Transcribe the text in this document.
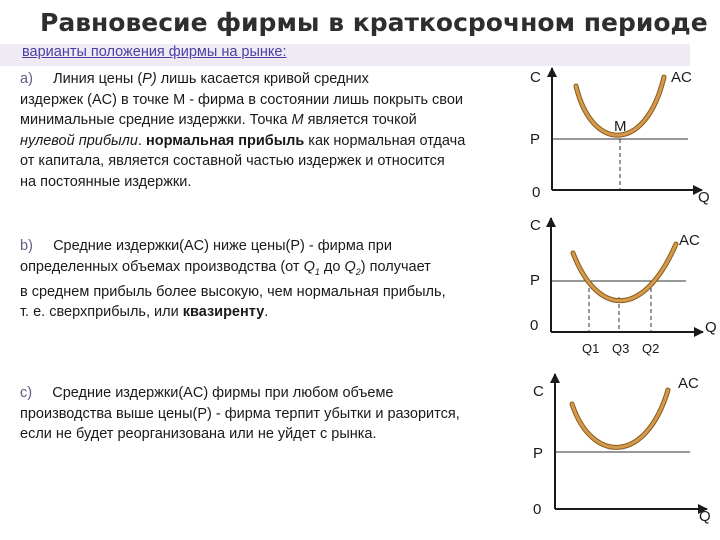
Равновесие фирмы в краткосрочном периоде
варианты положения фирмы на рынке:
a) Линия цены (P) лишь касается кривой средних
издержек (AC) в точке М - фирма в состоянии лишь покрыть свои
минимальные средние издержки. Точка М является точкой
нулевой прибыли. нормальная прибыль как нормальная отдача
от капитала, является составной частью издержек и относится
на постоянные издержки.
b) Средние издержки(AC) ниже цены(P) - фирма при
определенных объемах производства (от $Q_1$ до $Q_2$) получает
в среднем прибыль более высокую, чем нормальная прибыль,
т. е. сверхприбыль, или квазиренту.
c) Средние издержки(AC) фирмы при любом объеме
производства выше цены(P) - фирма терпит убытки и разорится,
если не будет реорганизована или не уйдет с рынка.
C	AC
M
P
0	Q
C
AC
P
0	Q
Q1 Q3 Q2
C	AC
P
0	Q
